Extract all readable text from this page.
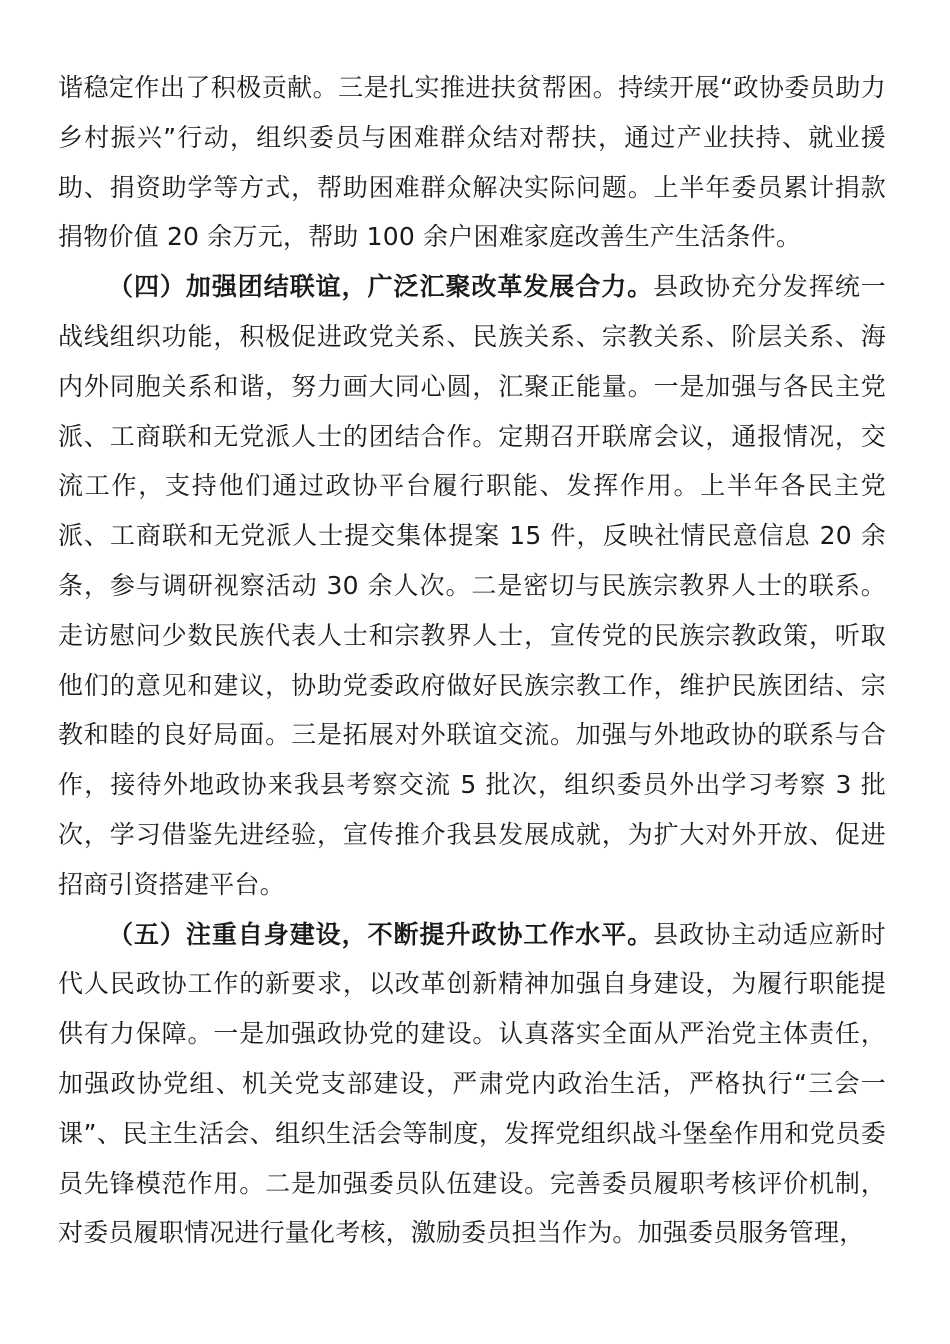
谐稳定作出了积极贡献。三是扎实推进扶贫帮困。持续开展“政协委员助力乡村振兴”行动，组织委员与困难群众结对帮扶，通过产业扶持、就业援助、捐资助学等方式，帮助困难群众解决实际问题。上半年委员累计捐款捐物价值 20 余万元，帮助 100 余户困难家庭改善生产生活条件。

（四）加强团结联谊，广泛汇聚改革发展合力。县政协充分发挥统一战线组织功能，积极促进政党关系、民族关系、宗教关系、阶层关系、海内外同胞关系和谐，努力画大同心圆，汇聚正能量。一是加强与各民主党派、工商联和无党派人士的团结合作。定期召开联席会议，通报情况，交流工作，支持他们通过政协平台履行职能、发挥作用。上半年各民主党派、工商联和无党派人士提交集体提案 15 件，反映社情民意信息 20 余条，参与调研视察活动 30 余人次。二是密切与民族宗教界人士的联系。走访慰问少数民族代表人士和宗教界人士，宣传党的民族宗教政策，听取他们的意见和建议，协助党委政府做好民族宗教工作，维护民族团结、宗教和睦的良好局面。三是拓展对外联谊交流。加强与外地政协的联系与合作，接待外地政协来我县考察交流 5 批次，组织委员外出学习考察 3 批次，学习借鉴先进经验，宣传推介我县发展成就，为扩大对外开放、促进招商引资搭建平台。

（五）注重自身建设，不断提升政协工作水平。县政协主动适应新时代人民政协工作的新要求，以改革创新精神加强自身建设，为履行职能提供有力保障。一是加强政协党的建设。认真落实全面从严治党主体责任，加强政协党组、机关党支部建设，严肃党内政治生活，严格执行“三会一课”、民主生活会、组织生活会等制度，发挥党组织战斗堡垒作用和党员委员先锋模范作用。二是加强委员队伍建设。完善委员履职考核评价机制，对委员履职情况进行量化考核，激励委员担当作为。加强委员服务管理，
